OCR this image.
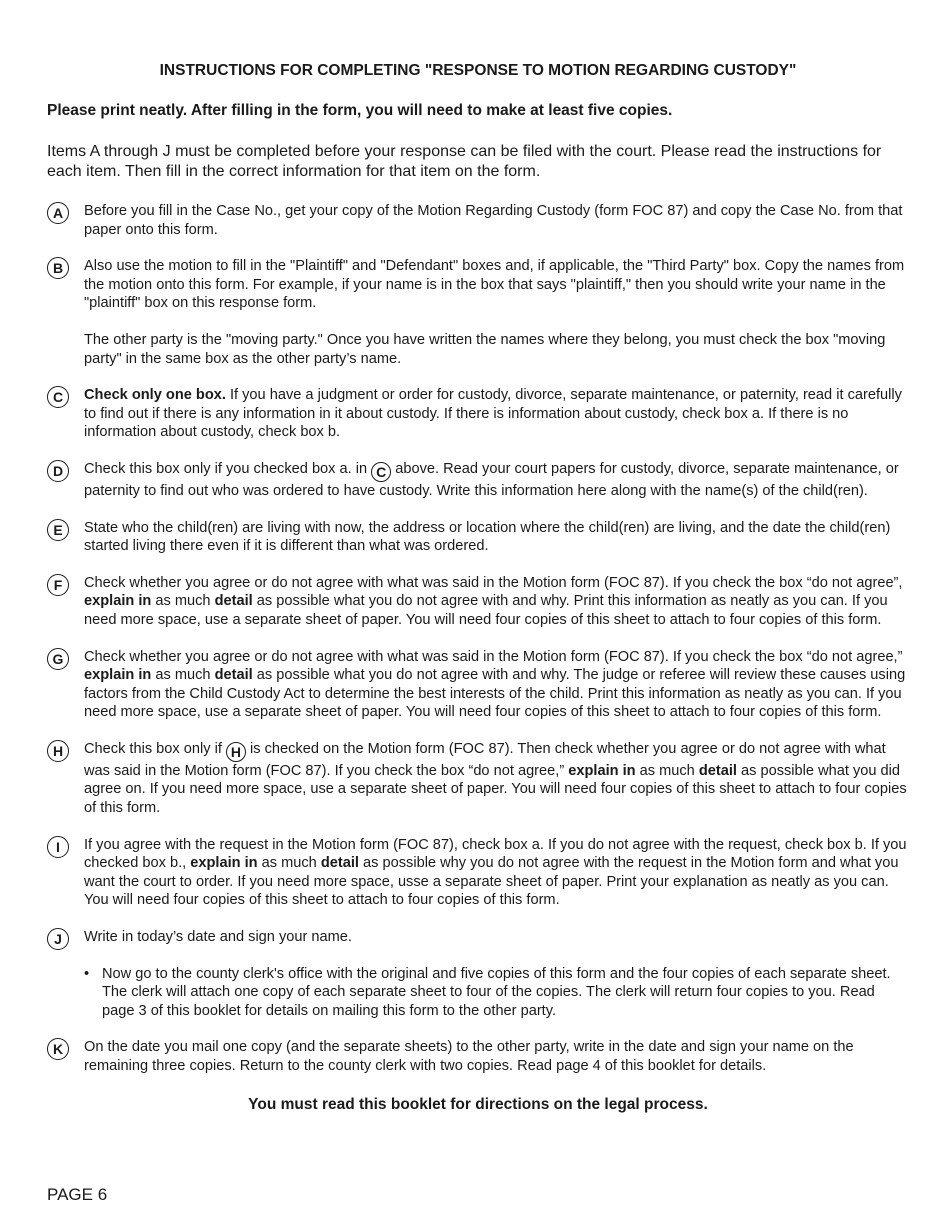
INSTRUCTIONS FOR COMPLETING "RESPONSE TO MOTION REGARDING CUSTODY"
Please print neatly. After filling in the form, you will need to make at least five copies.
Items A through J must be completed before your response can be filed with the court. Please read the instructions for each item. Then fill in the correct information for that item on the form.
A	Before you fill in the Case No., get your copy of the Motion Regarding Custody (form FOC 87) and copy the Case No. from that paper onto this form.

B	Also use the motion to fill in the "Plaintiff" and "Defendant" boxes and, if applicable, the "Third Party" box. Copy the names from the motion onto this form. For example, if your name is in the box that says "plaintiff," then you should write your name in the "plaintiff" box on this response form.

The other party is the "moving party." Once you have written the names where they belong, you must check the box "moving party" in the same box as the other party’s name.

C	Check only one box. If you have a judgment or order for custody, divorce, separate maintenance, or paternity, read it carefully to find out if there is any information in it about custody. If there is information about custody, check box a. If there is no information about custody, check box b.

D	Check this box only if you checked box a. in C above. Read your court papers for custody, divorce, separate maintenance, or paternity to find out who was ordered to have custody. Write this information here along with the name(s) of the child(ren).

E	State who the child(ren) are living with now, the address or location where the child(ren) are living, and the date the child(ren) started living there even if it is different than what was ordered.

F	Check whether you agree or do not agree with what was said in the Motion form (FOC 87). If you check the box “do not agree”, explain in as much detail as possible what you do not agree with and why. Print this information as neatly as you can. If you need more space, use a separate sheet of paper. You will need four copies of this sheet to attach to four copies of this form.

G	Check whether you agree or do not agree with what was said in the Motion form (FOC 87). If you check the box “do not agree,” explain in as much detail as possible what you do not agree with and why. The judge or referee will review these causes using factors from the Child Custody Act to determine the best interests of the child. Print this information as neatly as you can. If you need more space, use a separate sheet of paper. You will need four copies of this sheet to attach to four copies of this form.

H	Check this box only if H is checked on the Motion form (FOC 87). Then check whether you agree or do not agree with what was said in the Motion form (FOC 87). If you check the box “do not agree,” explain in as much detail as possible what you did agree on. If you need more space, use a separate sheet of paper. You will need four copies of this sheet to attach to four copies of this form.

I	If you agree with the request in the Motion form (FOC 87), check box a. If you do not agree with the request, check box b. If you checked box b., explain in as much detail as possible why you do not agree with the request in the Motion form and what you want the court to order. If you need more space, usse a separate sheet of paper. Print your explanation as neatly as you can. You will need four copies of this sheet to attach to four copies of this form.

J	Write in today’s date and sign your name.

• Now go to the county clerk's office with the original and five copies of this form and the four copies of each separate sheet. The clerk will attach one copy of each separate sheet to four of the copies. The clerk will return four copies to you. Read page 3 of this booklet for details on mailing this form to the other party.

K	On the date you mail one copy (and the separate sheets) to the other party, write in the date and sign your name on the remaining three copies. Return to the county clerk with two copies. Read page 4 of this booklet for details.

You must read this booklet for directions on the legal process.
PAGE 6
